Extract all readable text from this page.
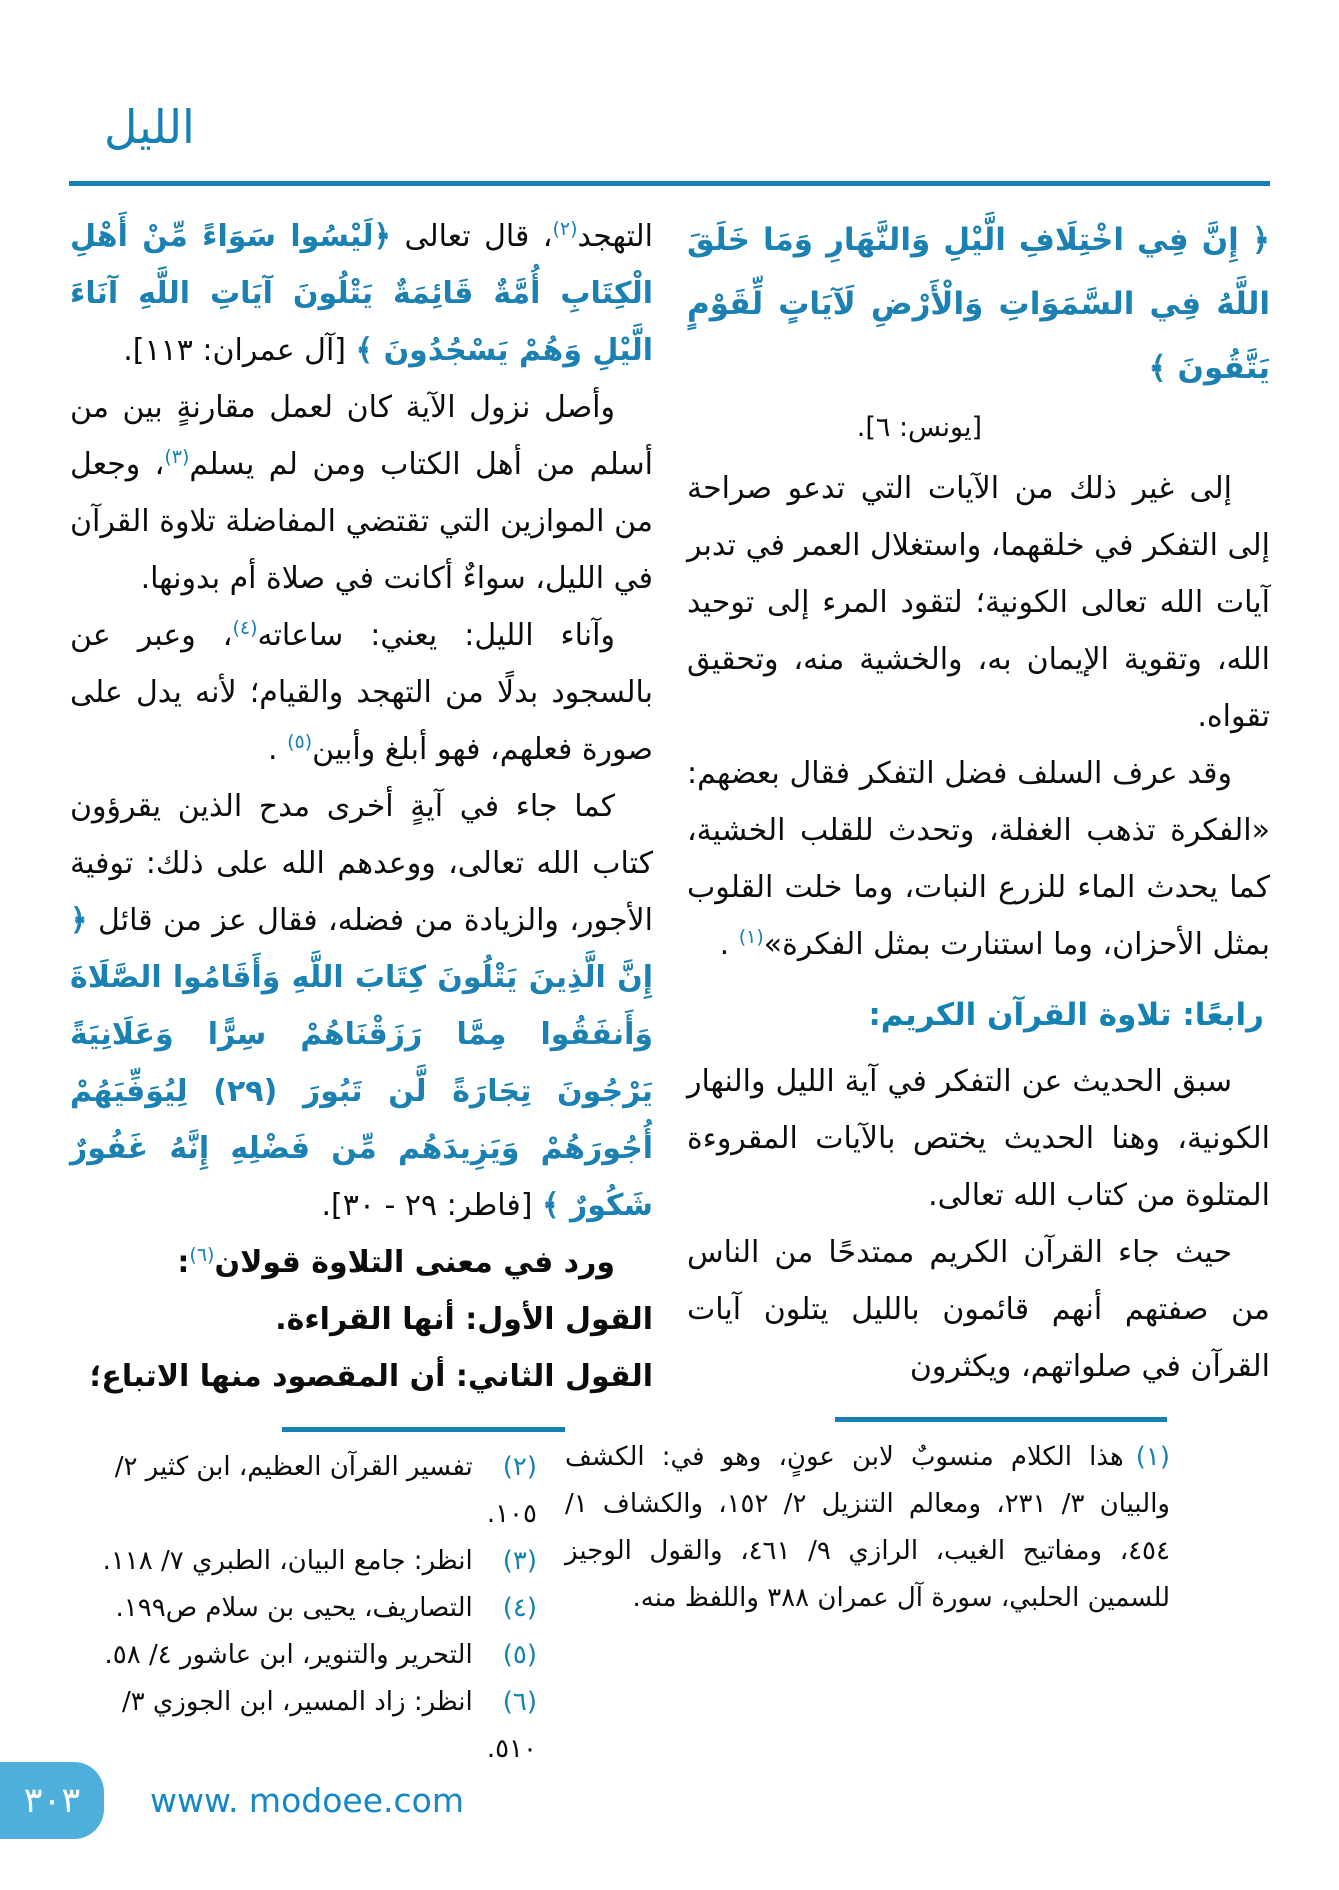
الليل

﴿ إِنَّ فِي اخْتِلَافِ الَّيْلِ وَالنَّهَارِ وَمَا خَلَقَ اللَّهُ فِي السَّمَوَاتِ وَالْأَرْضِ لَآيَاتٍ لِّقَوْمٍ يَتَّقُونَ ﴾

[يونس: ٦].

إلى غير ذلك من الآيات التي تدعو صراحة إلى التفكر في خلقهما، واستغلال العمر في تدبر آيات الله تعالى الكونية؛ لتقود المرء إلى توحيد الله، وتقوية الإيمان به، والخشية منه، وتحقيق تقواه.

وقد عرف السلف فضل التفكر فقال بعضهم: «الفكرة تذهب الغفلة، وتحدث للقلب الخشية، كما يحدث الماء للزرع النبات، وما خلت القلوب بمثل الأحزان، وما استنارت بمثل الفكرة»$^{(١)}$ .

رابعًا: تلاوة القرآن الكريم:

سبق الحديث عن التفكر في آية الليل والنهار الكونية، وهنا الحديث يختص بالآيات المقروءة المتلوة من كتاب الله تعالى.

حيث جاء القرآن الكريم ممتدحًا من الناس من صفتهم أنهم قائمون بالليل يتلون آيات القرآن في صلواتهم، ويكثرون

(١)هذا الكلام منسوبٌ لابن عونٍ، وهو في: الكشف والبيان ٣/ ٢٣١، ومعالم التنزيل ٢/ ١٥٢، والكشاف ١/ ٤٥٤، ومفاتيح الغيب، الرازي ٩/ ٤٦١، والقول الوجيز للسمين الحلبي، سورة آل عمران ٣٨٨ واللفظ منه.

التهجد$^{(٢)}$، قال تعالى ﴿لَيْسُوا سَوَاءً مِّنْ أَهْلِ الْكِتَابِ أُمَّةٌ قَائِمَةٌ يَتْلُونَ آيَاتِ اللَّهِ آنَاءَ الَّيْلِ وَهُمْ يَسْجُدُونَ ﴾ [آل عمران: ١١٣].

وأصل نزول الآية كان لعمل مقارنةٍ بين من أسلم من أهل الكتاب ومن لم يسلم$^{(٣)}$، وجعل من الموازين التي تقتضي المفاضلة تلاوة القرآن في الليل، سواءٌ أكانت في صلاة أم بدونها.

وآناء الليل: يعني: ساعاته$^{(٤)}$، وعبر عن بالسجود بدلًا من التهجد والقيام؛ لأنه يدل على صورة فعلهم، فهو أبلغ وأبين$^{(٥)}$ .

كما جاء في آيةٍ أخرى مدح الذين يقرؤون كتاب الله تعالى، ووعدهم الله على ذلك: توفية الأجور، والزيادة من فضله، فقال عز من قائل ﴿ إِنَّ الَّذِينَ يَتْلُونَ كِتَابَ اللَّهِ وَأَقَامُوا الصَّلَاةَ وَأَنفَقُوا مِمَّا رَزَقْنَاهُمْ سِرًّا وَعَلَانِيَةً يَرْجُونَ تِجَارَةً لَّن تَبُورَ (٢٩) لِيُوَفِّيَهُمْ أُجُورَهُمْ وَيَزِيدَهُم مِّن فَضْلِهِ إِنَّهُ غَفُورٌ شَكُورٌ ﴾ [فاطر: ٢٩ - ٣٠].

ورد في معنى التلاوة قولان$^{(٦)}$:

القول الأول: أنها القراءة.

القول الثاني: أن المقصود منها الاتباع؛

(٢)تفسير القرآن العظيم، ابن كثير ٢/ ١٠٥.

(٣)انظر: جامع البيان، الطبري ٧/ ١١٨.

(٤)التصاريف، يحيى بن سلام ص١٩٩.

(٥)التحرير والتنوير، ابن عاشور ٤/ ٥٨.

(٦)انظر: زاد المسير، ابن الجوزي ٣/ ٥١٠.

٣٠٣ www. modoee.com
